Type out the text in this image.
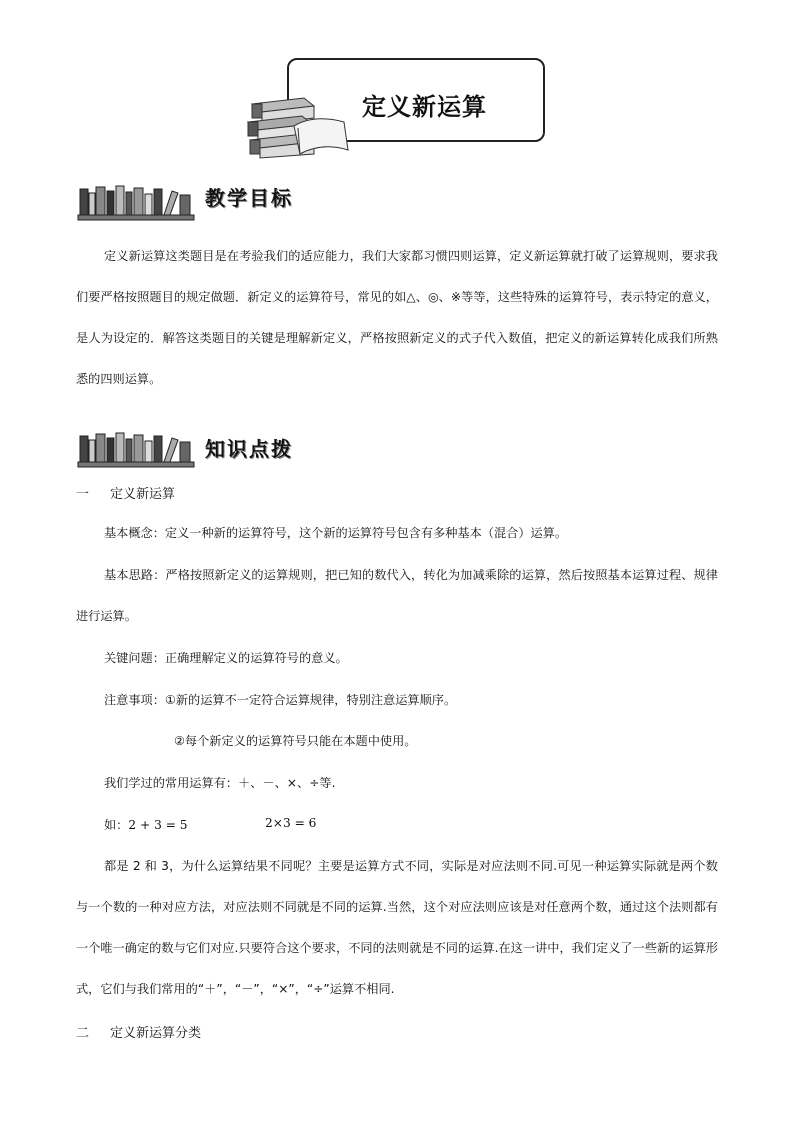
定义新运算
教学目标

定义新运算这类题目是在考验我们的适应能力，我们大家都习惯四则运算，定义新运算就打破了运算规则，要求我们要严格按照题目的规定做题．新定义的运算符号，常见的如△、◎、※等等，这些特殊的运算符号，表示特定的意义，是人为设定的．解答这类题目的关键是理解新定义，严格按照新定义的式子代入数值，把定义的新运算转化成我们所熟悉的四则运算。

知识点拨
一 定义新运算
基本概念：定义一种新的运算符号，这个新的运算符号包含有多种基本（混合）运算。

基本思路：严格按照新定义的运算规则，把已知的数代入，转化为加减乘除的运算，然后按照基本运算过程、规律进行运算。

关键问题：正确理解定义的运算符号的意义。
注意事项：①新的运算不一定符合运算规律，特别注意运算顺序。
②每个新定义的运算符号只能在本题中使用。
我们学过的常用运算有：＋、－、×、÷等.
如：2 + 3 = 5	2×3 = 6

都是 2 和 3，为什么运算结果不同呢？主要是运算方式不同，实际是对应法则不同.可见一种运算实际就是两个数与一个数的一种对应方法，对应法则不同就是不同的运算.当然，这个对应法则应该是对任意两个数，通过这个法则都有一个唯一确定的数与它们对应.只要符合这个要求，不同的法则就是不同的运算.在这一讲中，我们定义了一些新的运算形式，它们与我们常用的“＋”，“－”，“×”，“÷”运算不相同.

二 定义新运算分类
